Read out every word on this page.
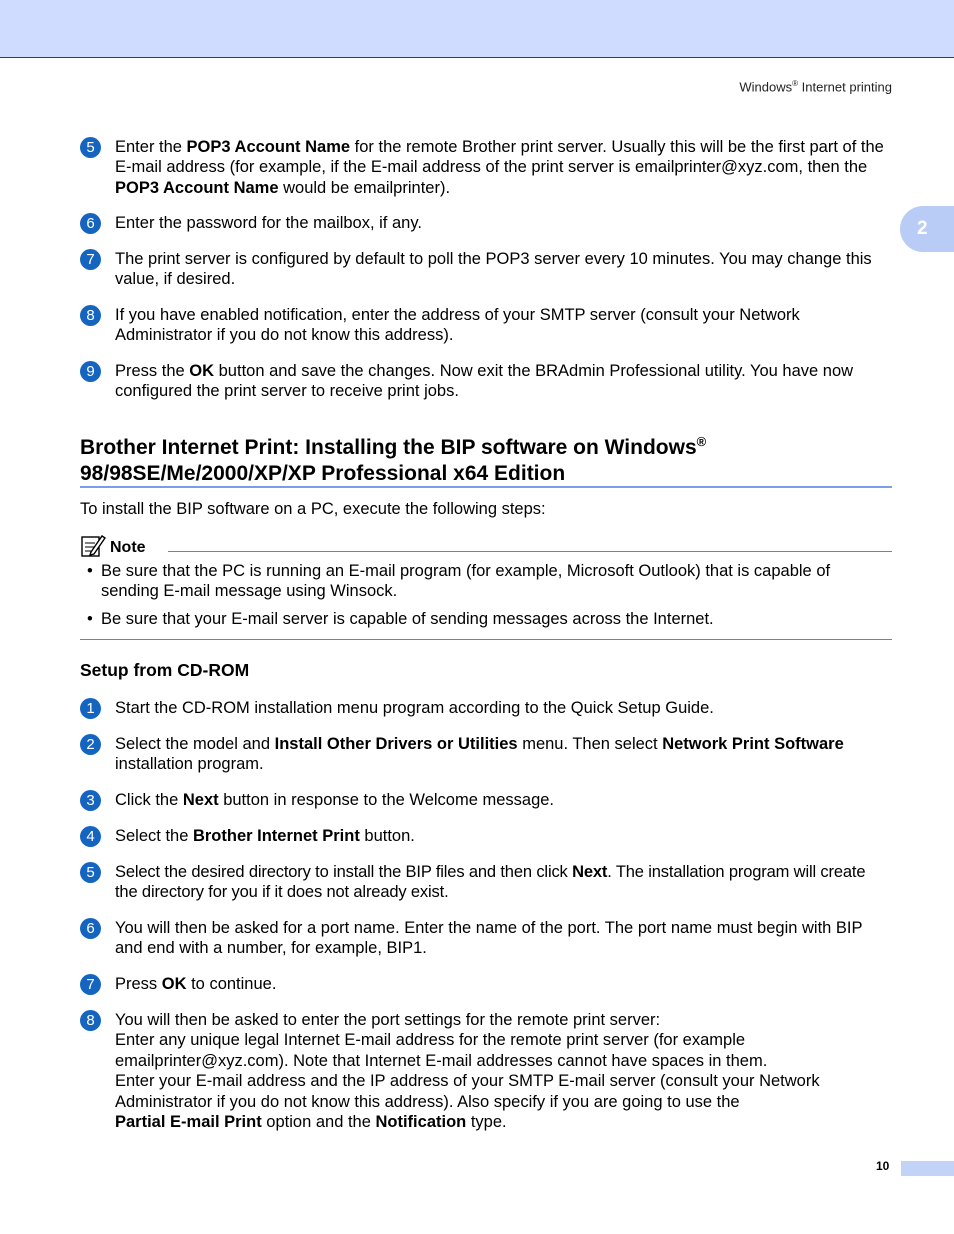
Windows® Internet printing
2
5	Enter the POP3 Account Name for the remote Brother print server. Usually this will be the first part of the E-mail address (for example, if the E-mail address of the print server is emailprinter@xyz.com, then the POP3 Account Name would be emailprinter).
6	Enter the password for the mailbox, if any.
7	The print server is configured by default to poll the POP3 server every 10 minutes. You may change this value, if desired.
8	If you have enabled notification, enter the address of your SMTP server (consult your Network Administrator if you do not know this address).
9	Press the OK button and save the changes. Now exit the BRAdmin Professional utility. You have now configured the print server to receive print jobs.
Brother Internet Print: Installing the BIP software on Windows®
98/98SE/Me/2000/XP/XP Professional x64 Edition
To install the BIP software on a PC, execute the following steps:
Note
• Be sure that the PC is running an E-mail program (for example, Microsoft Outlook) that is capable of sending E-mail message using Winsock.
• Be sure that your E-mail server is capable of sending messages across the Internet.
Setup from CD-ROM
1	Start the CD-ROM installation menu program according to the Quick Setup Guide.
2	Select the model and Install Other Drivers or Utilities menu. Then select Network Print Software installation program.
3	Click the Next button in response to the Welcome message.
4	Select the Brother Internet Print button.
5	Select the desired directory to install the BIP files and then click Next. The installation program will create the directory for you if it does not already exist.
6	You will then be asked for a port name. Enter the name of the port. The port name must begin with BIP and end with a number, for example, BIP1.
7	Press OK to continue.
8	You will then be asked to enter the port settings for the remote print server:
Enter any unique legal Internet E-mail address for the remote print server (for example emailprinter@xyz.com). Note that Internet E-mail addresses cannot have spaces in them.
Enter your E-mail address and the IP address of your SMTP E-mail server (consult your Network Administrator if you do not know this address). Also specify if you are going to use the
Partial E-mail Print option and the Notification type.
10
